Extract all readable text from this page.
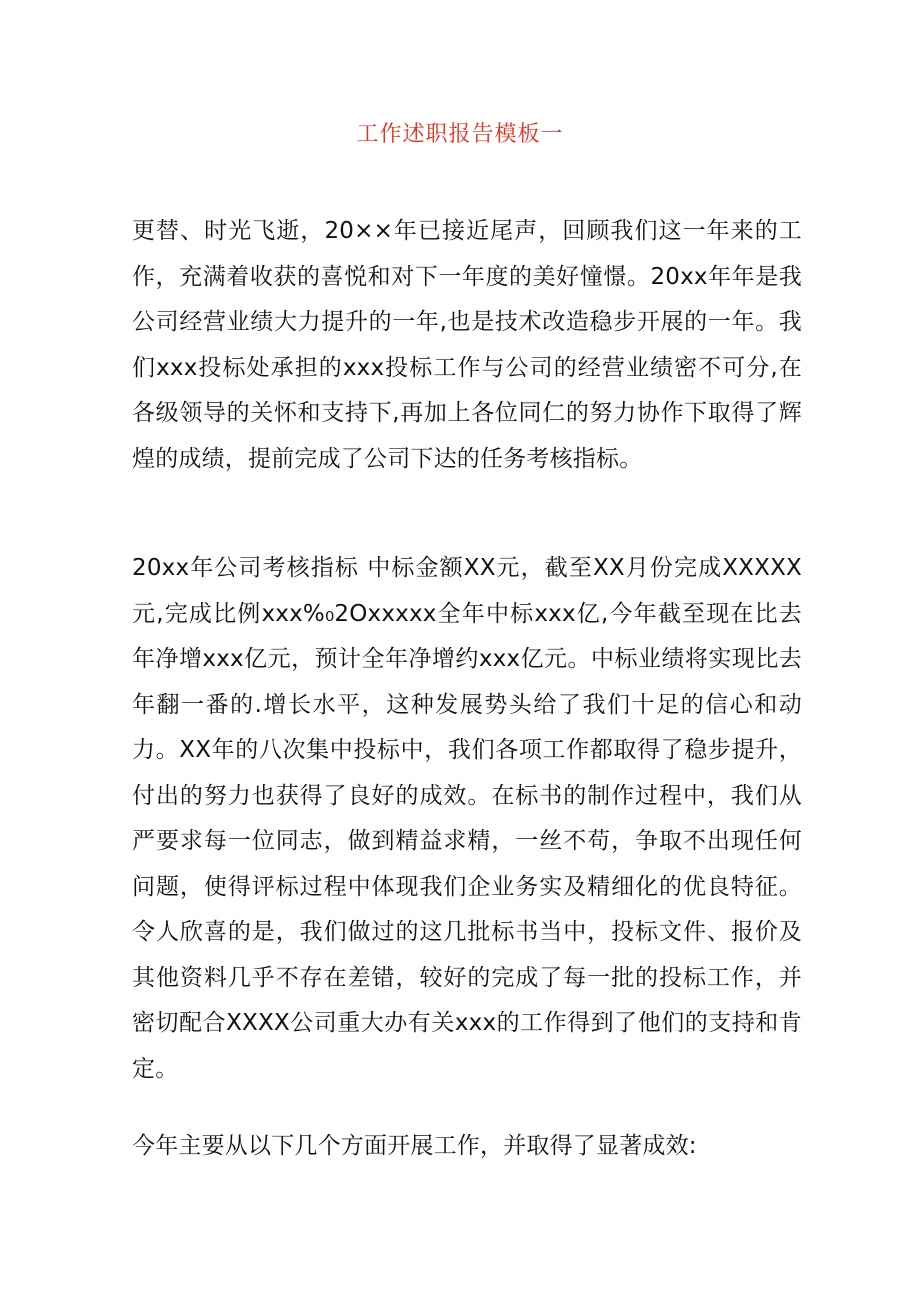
工作述职报告模板一

更替、时光飞逝，20××年已接近尾声，回顾我们这一年来的工作，充满着收获的喜悦和对下一年度的美好憧憬。20xx年年是我公司经营业绩大力提升的一年,也是技术改造稳步开展的一年。我们xxx投标处承担的xxx投标工作与公司的经营业绩密不可分,在各级领导的关怀和支持下,再加上各位同仁的努力协作下取得了辉煌的成绩，提前完成了公司下达的任务考核指标。

20xx年公司考核指标 中标金额XX元，截至XX月份完成XXXXX元,完成比例xxx%₀2Oxxxxx全年中标xxx亿,今年截至现在比去年净增xxx亿元，预计全年净增约xxx亿元。中标业绩将实现比去年翻一番的.增长水平，这种发展势头给了我们十足的信心和动力。XX年的八次集中投标中，我们各项工作都取得了稳步提升，付出的努力也获得了良好的成效。在标书的制作过程中，我们从严要求每一位同志，做到精益求精，一丝不苟，争取不出现任何问题，使得评标过程中体现我们企业务实及精细化的优良特征。令人欣喜的是，我们做过的这几批标书当中，投标文件、报价及其他资料几乎不存在差错，较好的完成了每一批的投标工作，并密切配合XXXX公司重大办有关xxx的工作得到了他们的支持和肯定。

今年主要从以下几个方面开展工作，并取得了显著成效:
